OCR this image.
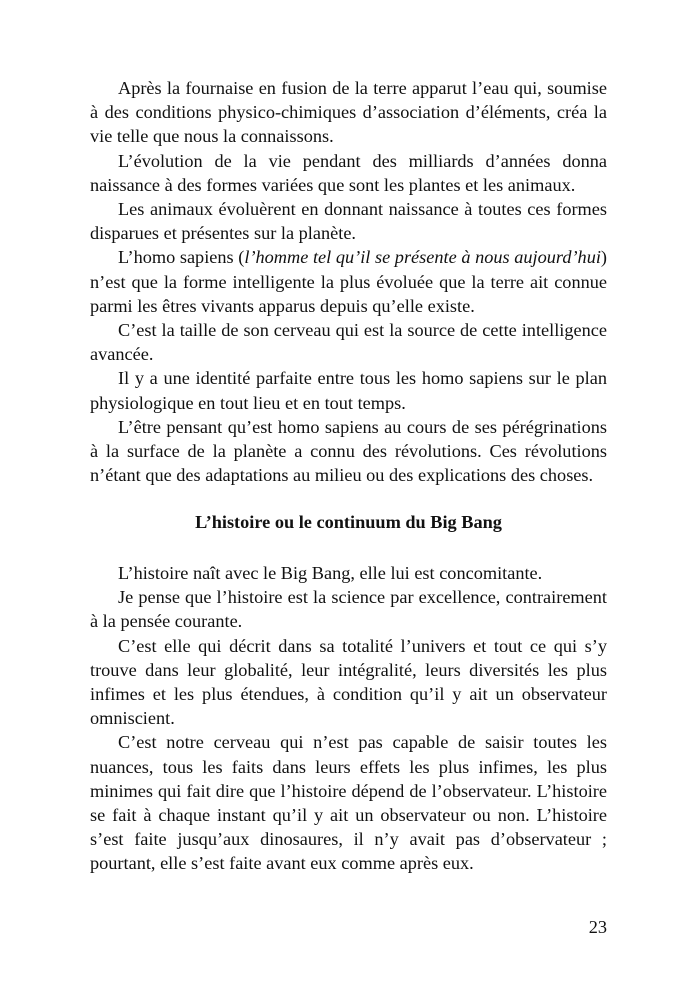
Après la fournaise en fusion de la terre apparut l’eau qui, soumise à des conditions physico-chimiques d’association d’éléments, créa la vie telle que nous la connaissons.

L’évolution de la vie pendant des milliards d’années donna naissance à des formes variées que sont les plantes et les animaux.

Les animaux évoluèrent en donnant naissance à toutes ces formes disparues et présentes sur la planète.

L’homo sapiens (l’homme tel qu’il se présente à nous aujourd’hui) n’est que la forme intelligente la plus évoluée que la terre ait connue parmi les êtres vivants apparus depuis qu’elle existe.

C’est la taille de son cerveau qui est la source de cette intelligence avancée.

Il y a une identité parfaite entre tous les homo sapiens sur le plan physiologique en tout lieu et en tout temps.

L’être pensant qu’est homo sapiens au cours de ses pérégrinations à la surface de la planète a connu des révolutions. Ces révolutions n’étant que des adaptations au milieu ou des explications des choses.

L’histoire ou le continuum du Big Bang

L’histoire naît avec le Big Bang, elle lui est concomitante.

Je pense que l’histoire est la science par excellence, contrairement à la pensée courante.

C’est elle qui décrit dans sa totalité l’univers et tout ce qui s’y trouve dans leur globalité, leur intégralité, leurs diversités les plus infimes et les plus étendues, à condition qu’il y ait un observateur omniscient.

C’est notre cerveau qui n’est pas capable de saisir toutes les nuances, tous les faits dans leurs effets les plus infimes, les plus minimes qui fait dire que l’histoire dépend de l’observateur. L’histoire se fait à chaque instant qu’il y ait un observateur ou non. L’histoire s’est faite jusqu’aux dinosaures, il n’y avait pas d’observateur ; pourtant, elle s’est faite avant eux comme après eux.

23
